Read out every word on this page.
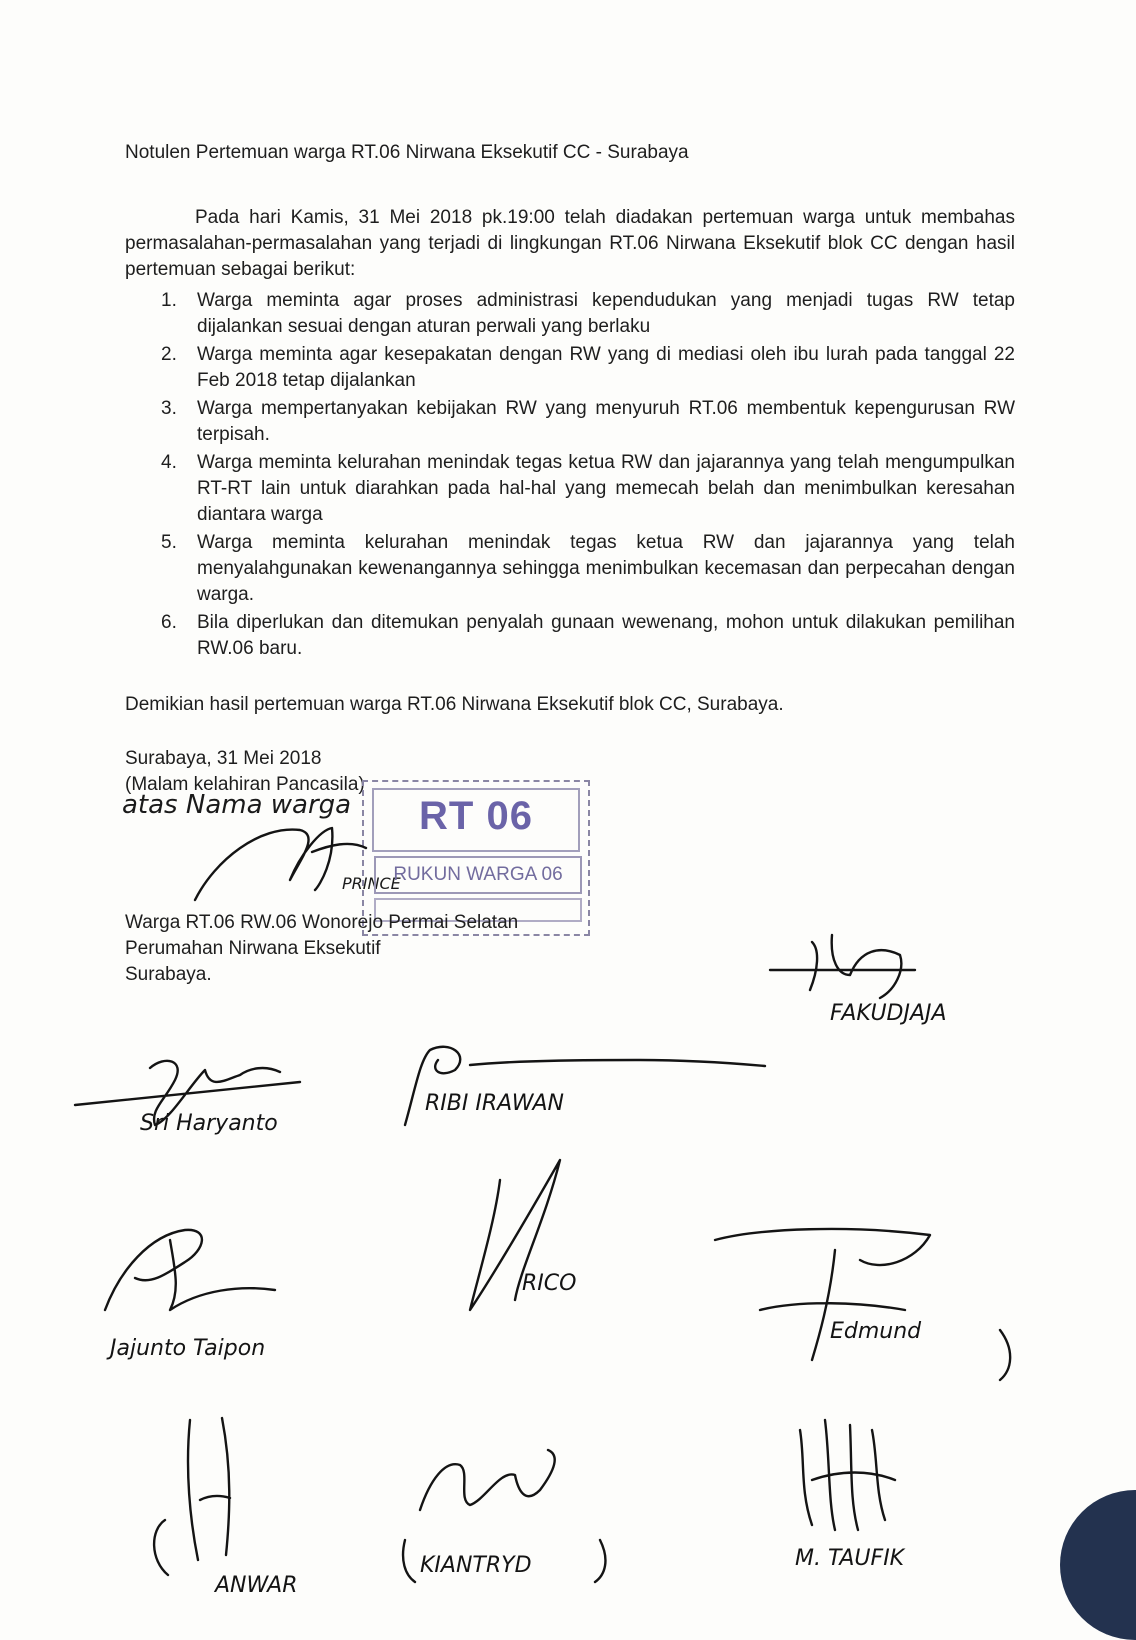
Notulen Pertemuan warga RT.06 Nirwana Eksekutif CC - Surabaya

Pada hari Kamis, 31 Mei 2018 pk.19:00 telah diadakan pertemuan warga untuk membahas permasalahan-permasalahan yang terjadi di lingkungan RT.06 Nirwana Eksekutif blok CC dengan hasil pertemuan sebagai berikut:

1. Warga meminta agar proses administrasi kependudukan yang menjadi tugas RW tetap dijalankan sesuai dengan aturan perwali yang berlaku
2. Warga meminta agar kesepakatan dengan RW yang di mediasi oleh ibu lurah pada tanggal 22 Feb 2018 tetap dijalankan
3. Warga mempertanyakan kebijakan RW yang menyuruh RT.06 membentuk kepengurusan RW terpisah.
4. Warga meminta kelurahan menindak tegas ketua RW dan jajarannya yang telah mengumpulkan RT-RT lain untuk diarahkan pada hal-hal yang memecah belah dan menimbulkan keresahan diantara warga
5. Warga meminta kelurahan menindak tegas ketua RW dan jajarannya yang telah menyalahgunakan kewenangannya sehingga menimbulkan kecemasan dan perpecahan dengan warga.
6. Bila diperlukan dan ditemukan penyalah gunaan wewenang, mohon untuk dilakukan pemilihan RW.06 baru.
Demikian hasil pertemuan warga RT.06 Nirwana Eksekutif blok CC, Surabaya.
Surabaya, 31 Mei 2018
(Malam kelahiran Pancasila)
atas Nama warga
PRINCE
RT 06
RUKUN WARGA 06
Warga RT.06 RW.06 Wonorejo Permai Selatan
Perumahan Nirwana Eksekutif
Surabaya.
FAKUDJAJA
Sri Haryanto
RIBI IRAWAN
RICO
Jajunto Taipon
Edmund
ANWAR
KIANTRYD	M. TAUFIK
